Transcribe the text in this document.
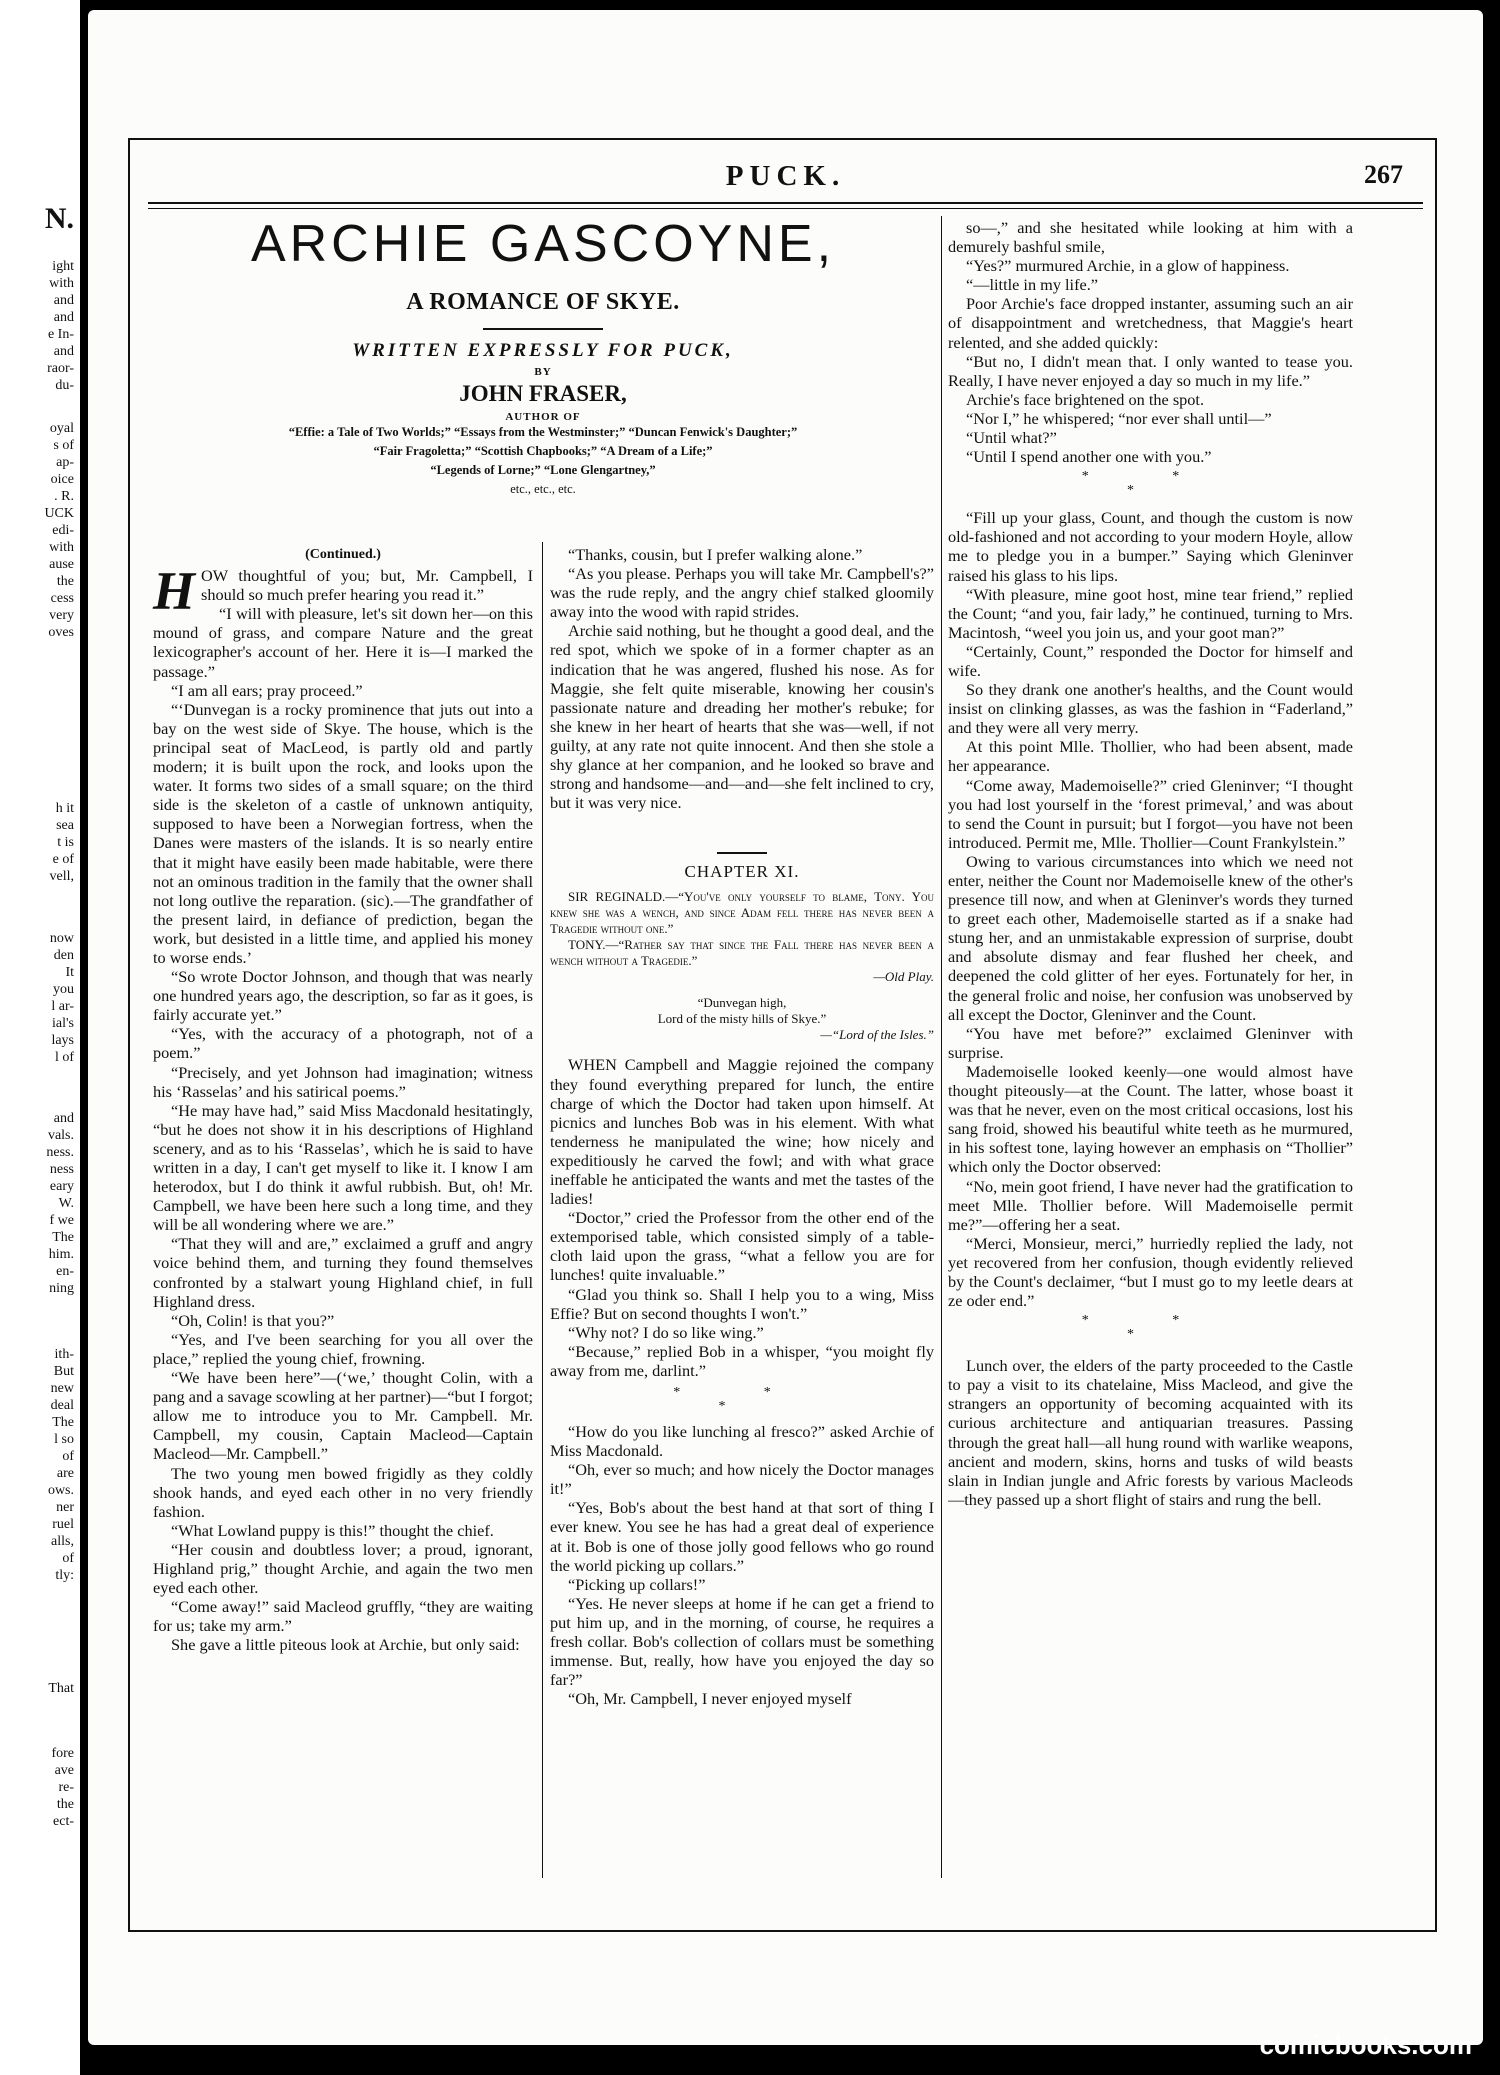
N.
ight
with
and
and
e In-
and
raor-
du-
oyal
s of
ap-
oice
. R.
UCK
edi-
with
ause
the
cess
very
oves
h it
sea
t is
e of
vell,
now
den
It
you
l ar-
ial's
lays
l of
and
vals.
ness.
ness
eary
W.
f we
The
him.
en-
ning
ith-
But
new
deal
The
l so
of
are
ows.
ner
ruel
alls,
of
tly:
That
fore
ave
re-
the
ect-
PUCK.	267
ARCHIE GASCOYNE,
A ROMANCE OF SKYE.
WRITTEN EXPRESSLY FOR PUCK,
BY
JOHN FRASER,
AUTHOR OF
“Effie: a Tale of Two Worlds;” “Essays from the Westminster;” “Duncan Fenwick's Daughter;”
“Fair Fragoletta;” “Scottish Chapbooks;” “A Dream of a Life;”
“Legends of Lorne;” “Lone Glengartney,”
etc., etc., etc.
(Continued.)

HOW thoughtful of you; but, Mr. Campbell, I should so much prefer hearing you read it.”

“I will with pleasure, let's sit down her—on this mound of grass, and compare Nature and the great lexicographer's account of her. Here it is—I marked the passage.”

“I am all ears; pray proceed.”

“‘Dunvegan is a rocky prominence that juts out into a bay on the west side of Skye. The house, which is the principal seat of MacLeod, is partly old and partly modern; it is built upon the rock, and looks upon the water. It forms two sides of a small square; on the third side is the skeleton of a castle of unknown antiquity, supposed to have been a Norwegian fortress, when the Danes were masters of the islands. It is so nearly entire that it might have easily been made habitable, were there not an ominous tradition in the family that the owner shall not long outlive the reparation. (sic).—The grandfather of the present laird, in defiance of prediction, began the work, but desisted in a little time, and applied his money to worse ends.’

“So wrote Doctor Johnson, and though that was nearly one hundred years ago, the description, so far as it goes, is fairly accurate yet.”

“Yes, with the accuracy of a photograph, not of a poem.”

“Precisely, and yet Johnson had imagination; witness his ‘Rasselas’ and his satirical poems.”

“He may have had,” said Miss Macdonald hesitatingly, “but he does not show it in his descriptions of Highland scenery, and as to his ‘Rasselas’, which he is said to have written in a day, I can't get myself to like it. I know I am heterodox, but I do think it awful rubbish. But, oh! Mr. Campbell, we have been here such a long time, and they will be all wondering where we are.”

“That they will and are,” exclaimed a gruff and angry voice behind them, and turning they found themselves confronted by a stalwart young Highland chief, in full Highland dress.

“Oh, Colin! is that you?”

“Yes, and I've been searching for you all over the place,” replied the young chief, frowning.

“We have been here”—(‘we,’ thought Colin, with a pang and a savage scowling at her partner)—“but I forgot; allow me to introduce you to Mr. Campbell. Mr. Campbell, my cousin, Captain Macleod—Captain Macleod—Mr. Campbell.”

The two young men bowed frigidly as they coldly shook hands, and eyed each other in no very friendly fashion.

“What Lowland puppy is this!” thought the chief.

“Her cousin and doubtless lover; a proud, ignorant, Highland prig,” thought Archie, and again the two men eyed each other.

“Come away!” said Macleod gruffly, “they are waiting for us; take my arm.”

She gave a little piteous look at Archie, but only said:

“Thanks, cousin, but I prefer walking alone.”

“As you please. Perhaps you will take Mr. Campbell's?” was the rude reply, and the angry chief stalked gloomily away into the wood with rapid strides.

Archie said nothing, but he thought a good deal, and the red spot, which we spoke of in a former chapter as an indication that he was angered, flushed his nose. As for Maggie, she felt quite miserable, knowing her cousin's passionate nature and dreading her mother's rebuke; for she knew in her heart of hearts that she was—well, if not guilty, at any rate not quite innocent. And then she stole a shy glance at her companion, and he looked so brave and strong and handsome—and—and—she felt inclined to cry, but it was very nice.

CHAPTER XI.
SIR REGINALD.—“You've only yourself to blame, Tony. You knew she was a wench, and since Adam fell there has never been a Tragedie without one.”
TONY.—“Rather say that since the Fall there has never been a wench without a Tragedie.”
—Old Play.
“Dunvegan high,
Lord of the misty hills of Skye.”
—“Lord of the Isles.”

WHEN Campbell and Maggie rejoined the company they found everything prepared for lunch, the entire charge of which the Doctor had taken upon himself. At picnics and lunches Bob was in his element. With what tenderness he manipulated the wine; how nicely and expeditiously he carved the fowl; and with what grace ineffable he anticipated the wants and met the tastes of the ladies!

“Doctor,” cried the Professor from the other end of the extemporised table, which consisted simply of a table-cloth laid upon the grass, “what a fellow you are for lunches! quite invaluable.”

“Glad you think so. Shall I help you to a wing, Miss Effie? But on second thoughts I won't.”

“Why not? I do so like wing.”

“Because,” replied Bob in a whisper, “you moight fly away from me, darlint.”

* *
*

“How do you like lunching al fresco?” asked Archie of Miss Macdonald.

“Oh, ever so much; and how nicely the Doctor manages it!”

“Yes, Bob's about the best hand at that sort of thing I ever knew. You see he has had a great deal of experience at it. Bob is one of those jolly good fellows who go round the world picking up collars.”

“Picking up collars!”

“Yes. He never sleeps at home if he can get a friend to put him up, and in the morning, of course, he requires a fresh collar. Bob's collection of collars must be something immense. But, really, how have you enjoyed the day so far?”

“Oh, Mr. Campbell, I never enjoyed myself

so—,” and she hesitated while looking at him with a demurely bashful smile,

“Yes?” murmured Archie, in a glow of happiness.

“—little in my life.”

Poor Archie's face dropped instanter, assuming such an air of disappointment and wretchedness, that Maggie's heart relented, and she added quickly:

“But no, I didn't mean that. I only wanted to tease you. Really, I have never enjoyed a day so much in my life.”

Archie's face brightened on the spot.

“Nor I,” he whispered; “nor ever shall until—”

“Until what?”

“Until I spend another one with you.”

* *
*

“Fill up your glass, Count, and though the custom is now old-fashioned and not according to your modern Hoyle, allow me to pledge you in a bumper.” Saying which Gleninver raised his glass to his lips.

“With pleasure, mine goot host, mine tear friend,” replied the Count; “and you, fair lady,” he continued, turning to Mrs. Macintosh, “weel you join us, and your goot man?”

“Certainly, Count,” responded the Doctor for himself and wife.

So they drank one another's healths, and the Count would insist on clinking glasses, as was the fashion in “Faderland,” and they were all very merry.

At this point Mlle. Thollier, who had been absent, made her appearance.

“Come away, Mademoiselle?” cried Gleninver; “I thought you had lost yourself in the ‘forest primeval,’ and was about to send the Count in pursuit; but I forgot—you have not been introduced. Permit me, Mlle. Thollier—Count Frankylstein.”

Owing to various circumstances into which we need not enter, neither the Count nor Mademoiselle knew of the other's presence till now, and when at Gleninver's words they turned to greet each other, Mademoiselle started as if a snake had stung her, and an unmistakable expression of surprise, doubt and absolute dismay and fear flushed her cheek, and deepened the cold glitter of her eyes. Fortunately for her, in the general frolic and noise, her confusion was unobserved by all except the Doctor, Gleninver and the Count.

“You have met before?” exclaimed Gleninver with surprise.

Mademoiselle looked keenly—one would almost have thought piteously—at the Count. The latter, whose boast it was that he never, even on the most critical occasions, lost his sang froid, showed his beautiful white teeth as he murmured, in his softest tone, laying however an emphasis on “Thollier” which only the Doctor observed:

“No, mein goot friend, I have never had the gratification to meet Mlle. Thollier before. Will Mademoiselle permit me?”—offering her a seat.

“Merci, Monsieur, merci,” hurriedly replied the lady, not yet recovered from her confusion, though evidently relieved by the Count's declaimer, “but I must go to my leetle dears at ze oder end.”

* *
*

Lunch over, the elders of the party proceeded to the Castle to pay a visit to its chatelaine, Miss Macleod, and give the strangers an opportunity of becoming acquainted with its curious architecture and antiquarian treasures. Passing through the great hall—all hung round with warlike weapons, ancient and modern, skins, horns and tusks of wild beasts slain in Indian jungle and Afric forests by various Macleods—they passed up a short flight of stairs and rung the bell.

comicbooks.com
